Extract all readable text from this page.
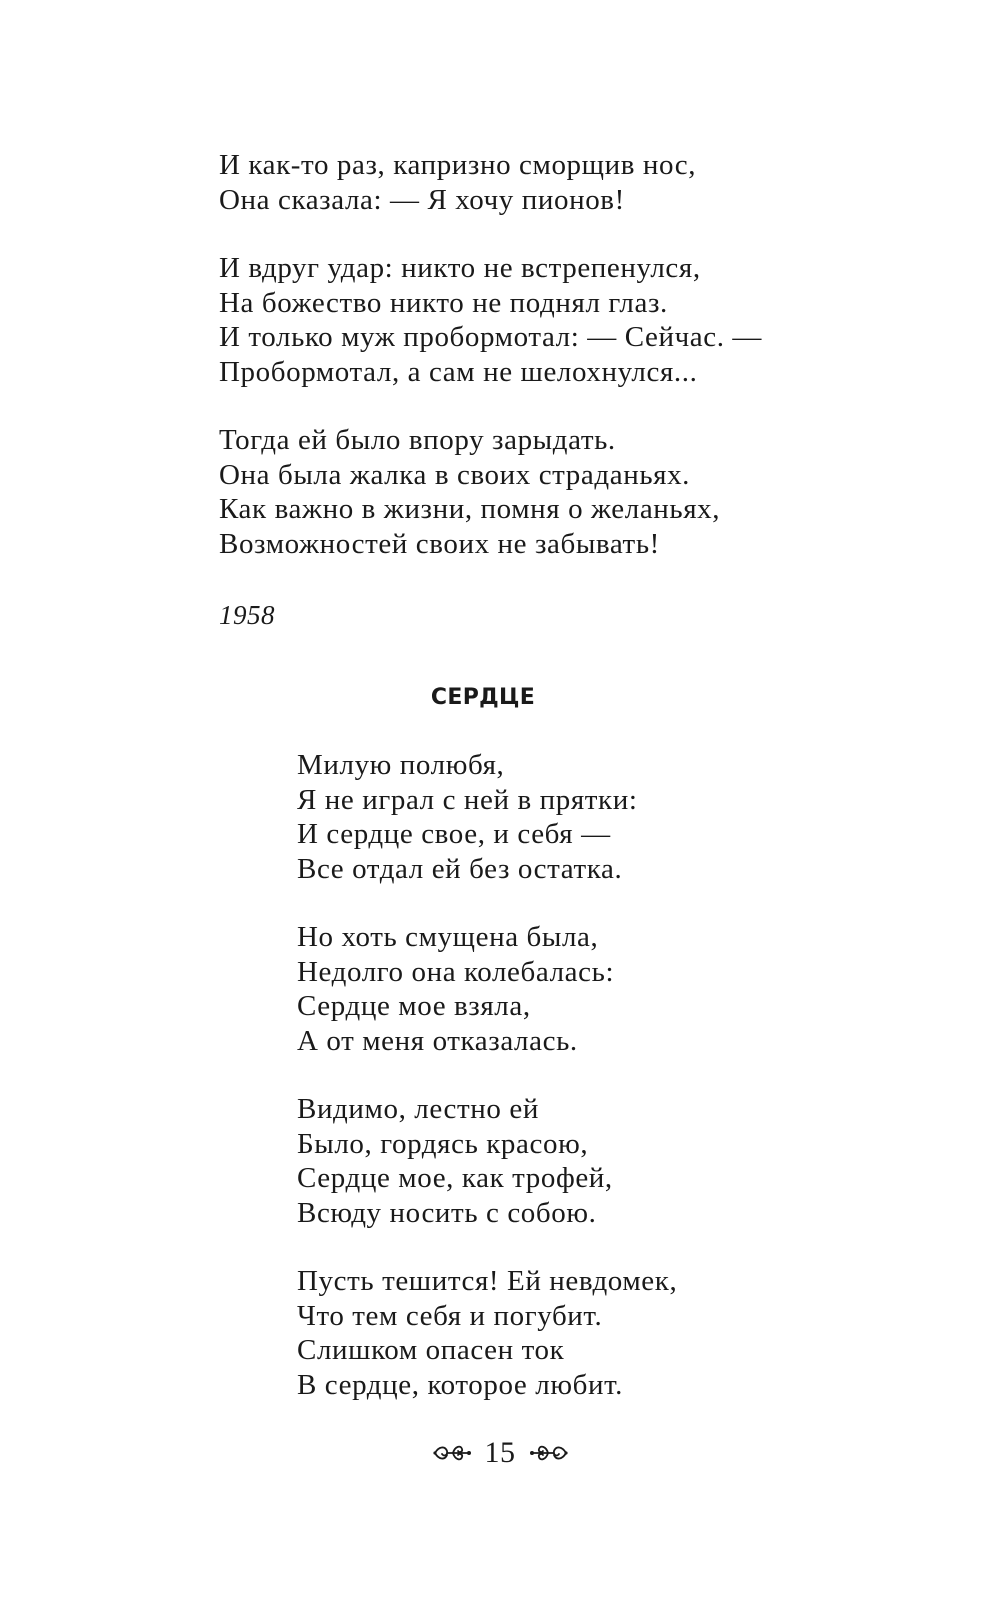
И как-то раз, капризно сморщив нос,
Она сказала: — Я хочу пионов!
И вдруг удар: никто не встрепенулся,
На божество никто не поднял глаз.
И только муж пробормотал: — Сейчас. —
Пробормотал, а сам не шелохнулся...
Тогда ей было впору зарыдать.
Она была жалка в своих страданьях.
Как важно в жизни, помня о желаньях,
Возможностей своих не забывать!
1958
СЕРДЦЕ
Милую полюбя,
Я не играл с ней в прятки:
И сердце свое, и себя —
Все отдал ей без остатка.
Но хоть смущена была,
Недолго она колебалась:
Сердце мое взяла,
А от меня отказалась.
Видимо, лестно ей
Было, гордясь красою,
Сердце мое, как трофей,
Всюду носить с собою.
Пусть тешится! Ей невдомек,
Что тем себя и погубит.
Слишком опасен ток
В сердце, которое любит.
15
